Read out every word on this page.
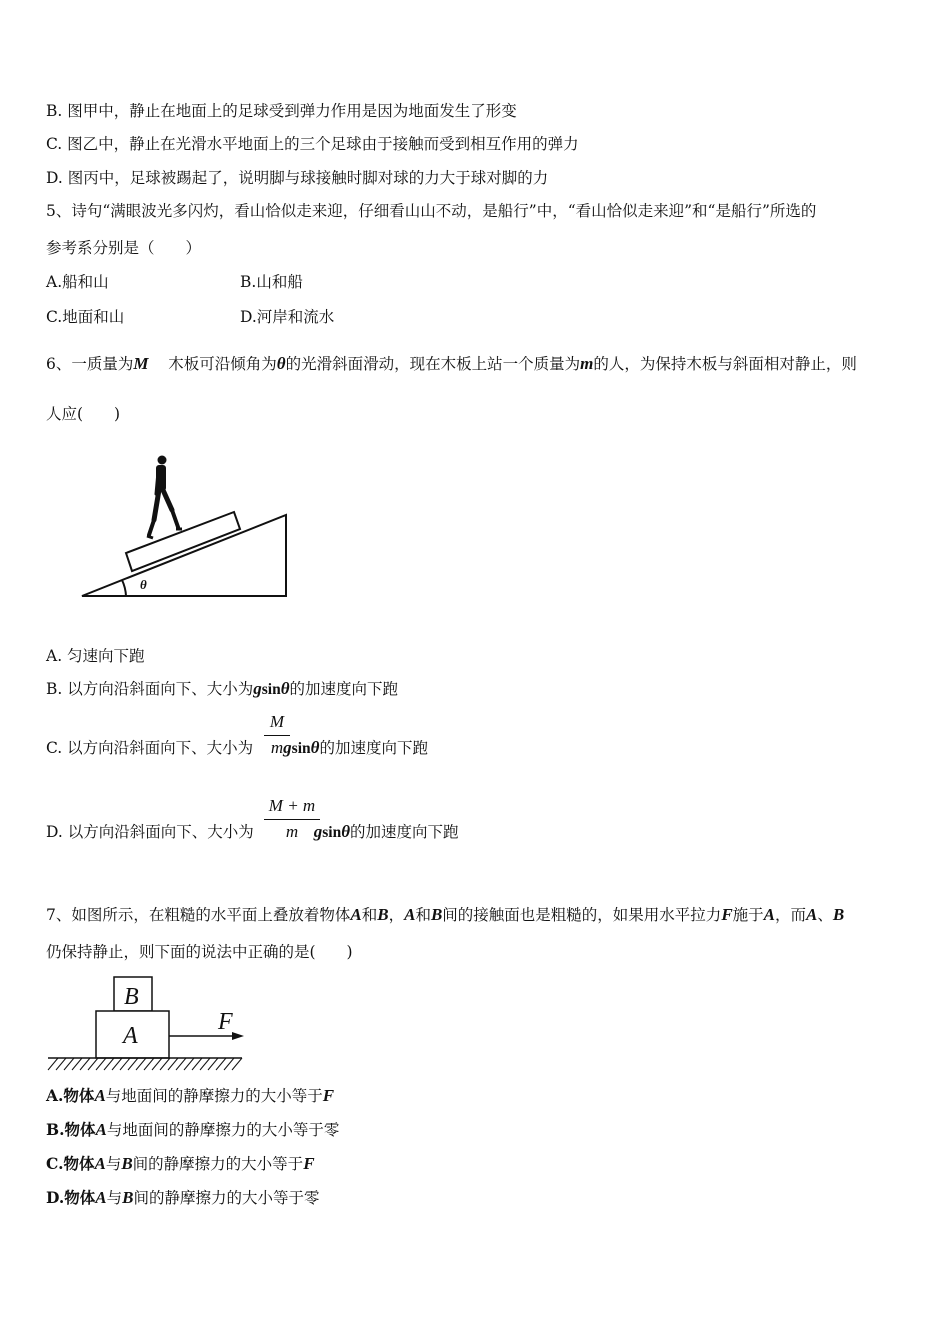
B. 图甲中，静止在地面上的足球受到弹力作用是因为地面发生了形变
C. 图乙中，静止在光滑水平地面上的三个足球由于接触而受到相互作用的弹力
D. 图丙中，足球被踢起了，说明脚与球接触时脚对球的力大于球对脚的力
5、诗句“满眼波光多闪灼，看山恰似走来迎，仔细看山山不动，是船行”中，“看山恰似走来迎”和“是船行”所选的
参考系分别是（　　）
A.船和山	B.山和船
C.地面和山	D.河岸和流水
6、一质量为M 木板可沿倾角为θ的光滑斜面滑动，现在木板上站一个质量为m的人，为保持木板与斜面相对静止，则
人应(　　)
θ
A. 匀速向下跑
B. 以方向沿斜面向下、大小为gsinθ的加速度向下跑
M
m
C. 以方向沿斜面向下、大小为 gsinθ的加速度向下跑
M + m
m
D. 以方向沿斜面向下、大小为	gsinθ的加速度向下跑
7、如图所示，在粗糙的水平面上叠放着物体A和B，A和B间的接触面也是粗糙的，如果用水平拉力F施于A，而A、B
仍保持静止，则下面的说法中正确的是(　　)
B
A
F
A.物体A与地面间的静摩擦力的大小等于F
B.物体A与地面间的静摩擦力的大小等于零
C.物体A与B间的静摩擦力的大小等于F
D.物体A与B间的静摩擦力的大小等于零
